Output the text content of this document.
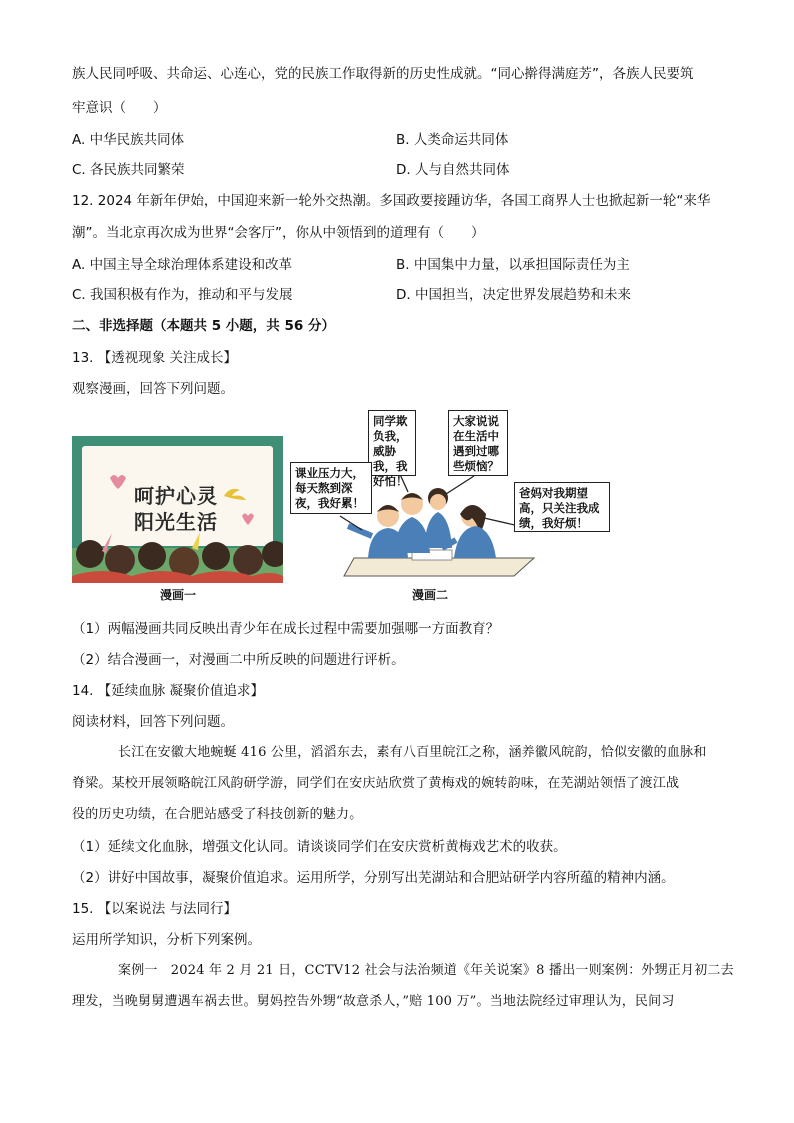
族人民同呼吸、共命运、心连心，党的民族工作取得新的历史性成就。“同心擀得满庭芳”，各族人民要筑
牢意识（　　）
A. 中华民族共同体	B. 人类命运共同体
C. 各民族共同繁荣	D. 人与自然共同体
12. 2024 年新年伊始，中国迎来新一轮外交热潮。多国政要接踵访华，各国工商界人士也掀起新一轮“来华
潮”。当北京再次成为世界“会客厅”，你从中领悟到的道理有（　　）
A. 中国主导全球治理体系建设和改革	B. 中国集中力量，以承担国际责任为主
C. 我国积极有作为，推动和平与发展	D. 中国担当，决定世界发展趋势和未来
二、非选择题（本题共 5 小题，共 56 分）
13. 【透视现象 关注成长】
观察漫画，回答下列问题。
呵护心灵
阳光生活
漫画一
同学欺负我，威胁我，我好怕！
大家说说在生活中遇到过哪些烦恼？
课业压力大，每天熬到深夜，我好累！
爸妈对我期望高，只关注我成绩，我好烦！
漫画二
（1）两幅漫画共同反映出青少年在成长过程中需要加强哪一方面教育？
（2）结合漫画一，对漫画二中所反映的问题进行评析。
14. 【延续血脉 凝聚价值追求】
阅读材料，回答下列问题。
长江在安徽大地蜿蜒 416 公里，滔滔东去，素有八百里皖江之称，涵养徽风皖韵，恰似安徽的血脉和
脊梁。某校开展领略皖江风韵研学游，同学们在安庆站欣赏了黄梅戏的婉转韵味，在芜湖站领悟了渡江战
役的历史功绩，在合肥站感受了科技创新的魅力。
（1）延续文化血脉，增强文化认同。请谈谈同学们在安庆赏析黄梅戏艺术的收获。
（2）讲好中国故事，凝聚价值追求。运用所学，分别写出芜湖站和合肥站研学内容所蕴的精神内涵。
15. 【以案说法 与法同行】
运用所学知识，分析下列案例。
案例一　2024 年 2 月 21 日，CCTV12 社会与法治频道《年关说案》8 播出一则案例：外甥正月初二去
理发，当晚舅舅遭遇车祸去世。舅妈控告外甥“故意杀人，”赔 100 万”。当地法院经过审理认为，民间习
